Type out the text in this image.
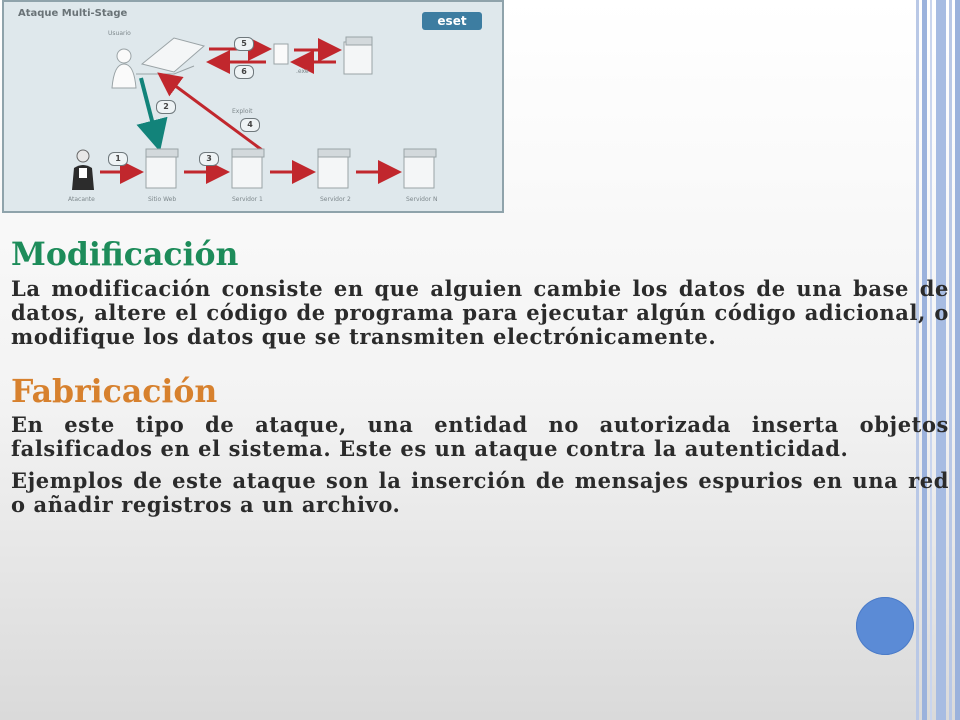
Ataque Multi-Stage
eset
Usuario
Exploit
.exe
Atacante	Sitio Web	Servidor 1	Servidor 2	Servidor N
1
2
3
4
5
6
Modificación

La modificación consiste en que alguien cambie los datos de una base de datos, altere el código de programa para ejecutar algún código adicional, o modifique los datos que se transmiten electrónicamente.

Fabricación

En este tipo de ataque, una entidad no autorizada inserta objetos falsificados en el sistema. Este es un ataque contra la autenticidad.

Ejemplos de este ataque son la inserción de mensajes espurios en una red o añadir registros a un archivo.
